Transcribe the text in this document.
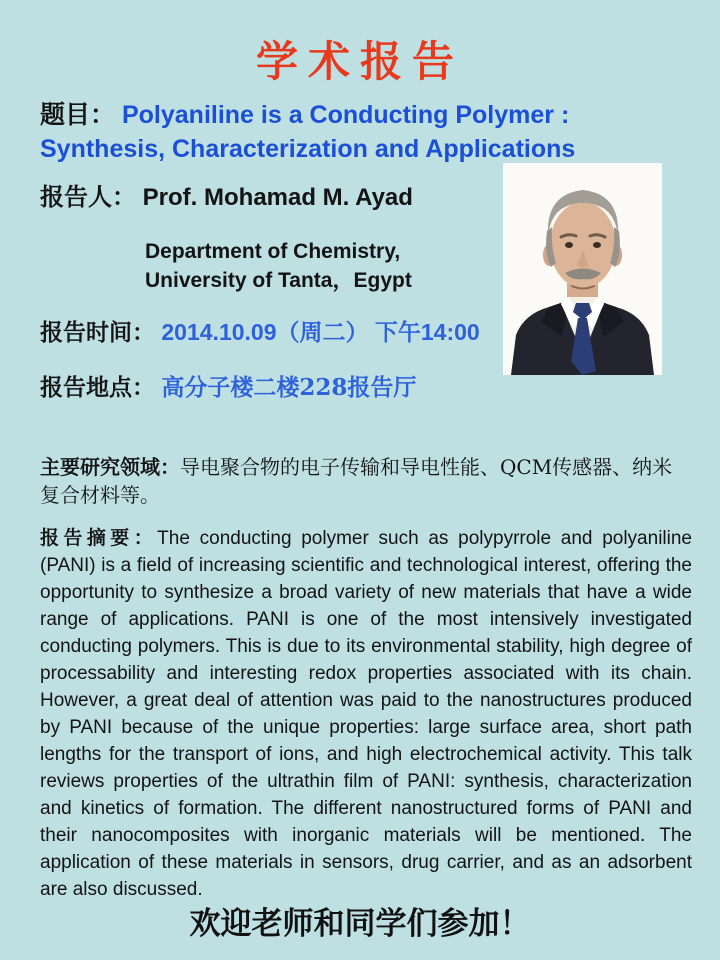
学术报告

题目： Polyaniline is a Conducting Polymer : Synthesis, Characterization and Applications

报告人： Prof. Mohamad M. Ayad
Department of Chemistry,
University of Tanta，Egypt
报告时间： 2014.10.09（周二） 下午14:00
报告地点： 高分子楼二楼228报告厅

主要研究领域：导电聚合物的电子传输和导电性能、QCM传感器、纳米复合材料等。

报告摘要：The conducting polymer such as polypyrrole and polyaniline (PANI) is a field of increasing scientific and technological interest, offering the opportunity to synthesize a broad variety of new materials that have a wide range of applications. PANI is one of the most intensively investigated conducting polymers. This is due to its environmental stability, high degree of processability and interesting redox properties associated with its chain. However, a great deal of attention was paid to the nanostructures produced by PANI because of the unique properties: large surface area, short path lengths for the transport of ions, and high electrochemical activity. This talk reviews properties of the ultrathin film of PANI: synthesis, characterization and kinetics of formation. The different nanostructured forms of PANI and their nanocomposites with inorganic materials will be mentioned. The application of these materials in sensors, drug carrier, and as an adsorbent are also discussed.

欢迎老师和同学们参加！
